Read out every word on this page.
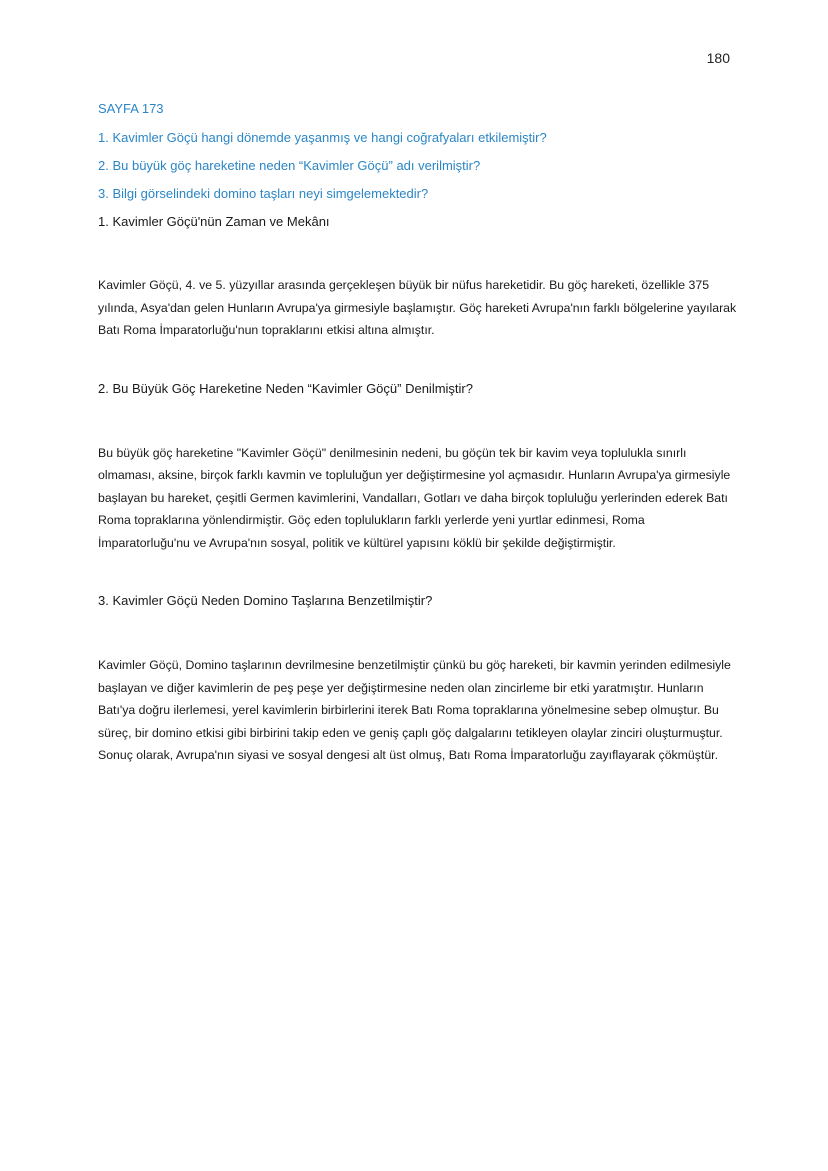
180

SAYFA 173

1. Kavimler Göçü hangi dönemde yaşanmış ve hangi coğrafyaları etkilemiştir?

2. Bu büyük göç hareketine neden “Kavimler Göçü” adı verilmiştir?

3. Bilgi görselindeki domino taşları neyi simgelemektedir?

1. Kavimler Göçü'nün Zaman ve Mekânı

Kavimler Göçü, 4. ve 5. yüzyıllar arasında gerçekleşen büyük bir nüfus hareketidir. Bu göç hareketi, özellikle 375 yılında, Asya'dan gelen Hunların Avrupa'ya girmesiyle başlamıştır. Göç hareketi Avrupa'nın farklı bölgelerine yayılarak Batı Roma İmparatorluğu'nun topraklarını etkisi altına almıştır.

2. Bu Büyük Göç Hareketine Neden “Kavimler Göçü” Denilmiştir?

Bu büyük göç hareketine "Kavimler Göçü" denilmesinin nedeni, bu göçün tek bir kavim veya toplulukla sınırlı olmaması, aksine, birçok farklı kavmin ve topluluğun yer değiştirmesine yol açmasıdır. Hunların Avrupa'ya girmesiyle başlayan bu hareket, çeşitli Germen kavimlerini, Vandalları, Gotları ve daha birçok topluluğu yerlerinden ederek Batı Roma topraklarına yönlendirmiştir. Göç eden toplulukların farklı yerlerde yeni yurtlar edinmesi, Roma İmparatorluğu'nu ve Avrupa'nın sosyal, politik ve kültürel yapısını köklü bir şekilde değiştirmiştir.

3. Kavimler Göçü Neden Domino Taşlarına Benzetilmiştir?

Kavimler Göçü, Domino taşlarının devrilmesine benzetilmiştir çünkü bu göç hareketi, bir kavmin yerinden edilmesiyle başlayan ve diğer kavimlerin de peş peşe yer değiştirmesine neden olan zincirleme bir etki yaratmıştır. Hunların Batı'ya doğru ilerlemesi, yerel kavimlerin birbirlerini iterek Batı Roma topraklarına yönelmesine sebep olmuştur. Bu süreç, bir domino etkisi gibi birbirini takip eden ve geniş çaplı göç dalgalarını tetikleyen olaylar zinciri oluşturmuştur. Sonuç olarak, Avrupa'nın siyasi ve sosyal dengesi alt üst olmuş, Batı Roma İmparatorluğu zayıflayarak çökmüştür.
